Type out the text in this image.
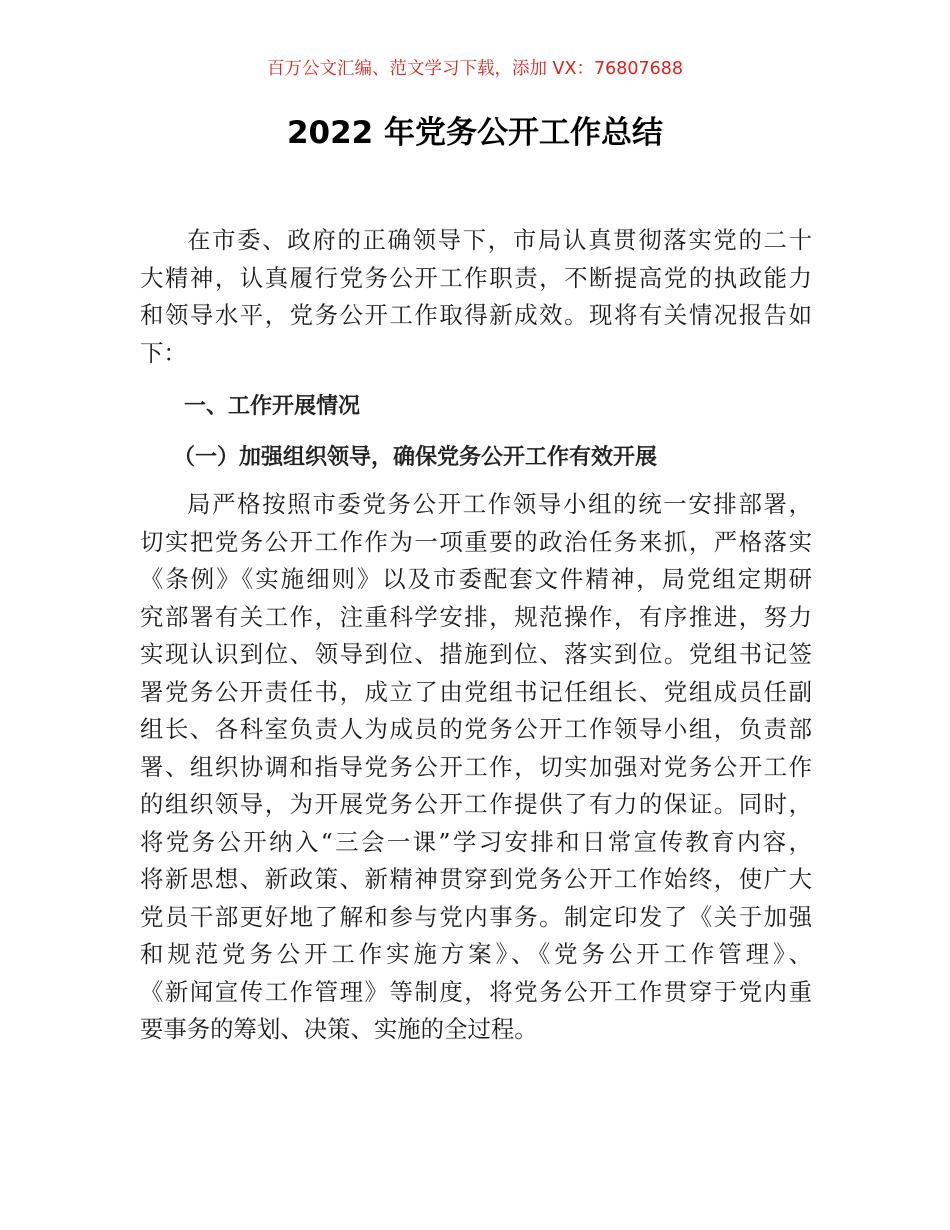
百万公文汇编、范文学习下载，添加 VX：76807688
2022 年党务公开工作总结
在市委、政府的正确领导下，市局认真贯彻落实党的二十
大精神，认真履行党务公开工作职责，不断提高党的执政能力
和领导水平，党务公开工作取得新成效。现将有关情况报告如
下：
一、工作开展情况
（一）加强组织领导，确保党务公开工作有效开展
局严格按照市委党务公开工作领导小组的统一安排部署，
切实把党务公开工作作为一项重要的政治任务来抓，严格落实
《条例》《实施细则》以及市委配套文件精神，局党组定期研
究部署有关工作，注重科学安排，规范操作，有序推进，努力
实现认识到位、领导到位、措施到位、落实到位。党组书记签
署党务公开责任书，成立了由党组书记任组长、党组成员任副
组长、各科室负责人为成员的党务公开工作领导小组，负责部
署、组织协调和指导党务公开工作，切实加强对党务公开工作
的组织领导，为开展党务公开工作提供了有力的保证。同时，
将党务公开纳入“三会一课”学习安排和日常宣传教育内容，
将新思想、新政策、新精神贯穿到党务公开工作始终，使广大
党员干部更好地了解和参与党内事务。制定印发了《关于加强
和规范党务公开工作实施方案》、《党务公开工作管理》、
《新闻宣传工作管理》等制度，将党务公开工作贯穿于党内重
要事务的筹划、决策、实施的全过程。
